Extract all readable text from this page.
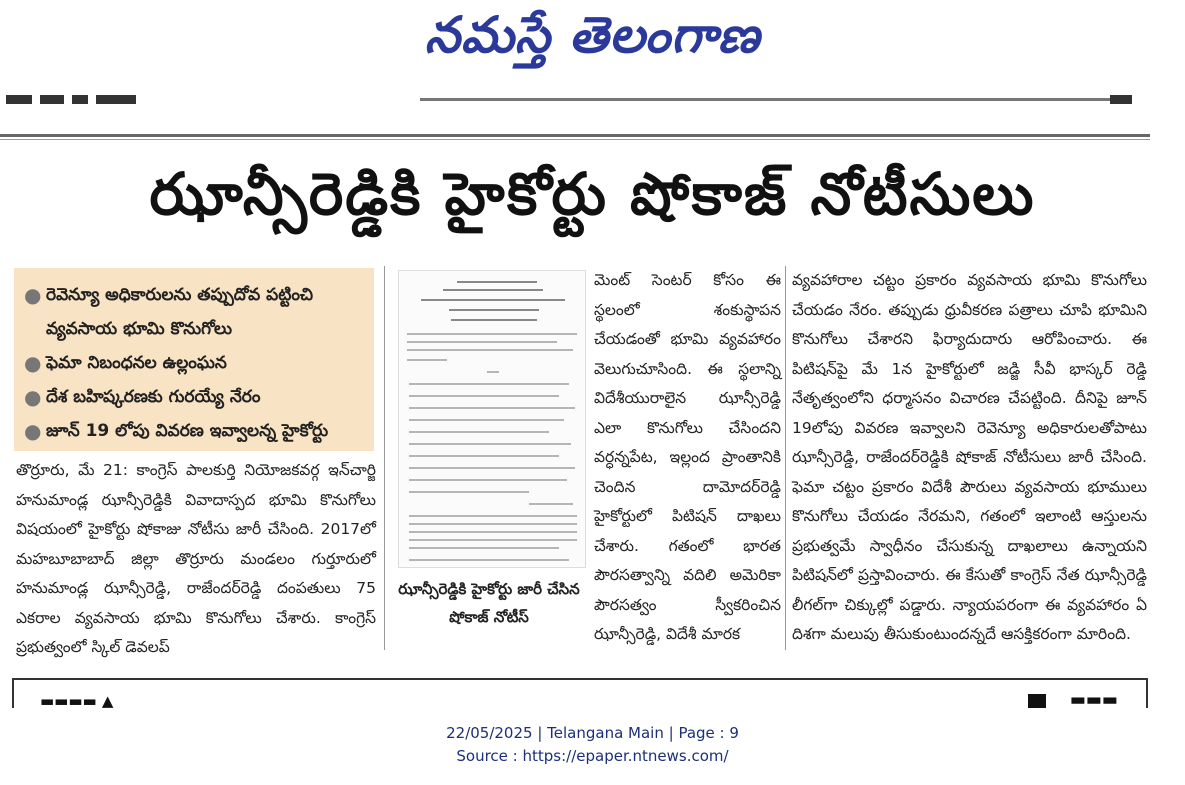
నమస్తే తెలంగాణ
ఝాన్సీరెడ్డికి హైకోర్టు షోకాజ్ నోటీసులు
● రెవెన్యూ అధికారులను తప్పుదోవ పట్టించి వ్యవసాయ భూమి కొనుగోలు
● ఫెమా నిబంధనల ఉల్లంఘన
● దేశ బహిష్కరణకు గురయ్యే నేరం
● జూన్ 19 లోపు వివరణ ఇవ్వాలన్న హైకోర్టు
తొర్రూరు, మే 21: కాంగ్రెస్ పాలకుర్తి నియోజకవర్గ ఇన్‌చార్జి హనుమాండ్ల ఝాన్సీరెడ్డికి వివాదాస్పద భూమి కొనుగోలు విషయంలో హైకోర్టు షోకాజు నోటీసు జారీ చేసింది. 2017లో మహబూబాబాద్ జిల్లా తొర్రూరు మండలం గుర్తూరులో హనుమాండ్ల ఝాన్సీరెడ్డి, రాజేందర్‌రెడ్డి దంపతులు 75 ఎకరాల వ్యవసాయ భూమి కొనుగోలు చేశారు. కాంగ్రెస్ ప్రభుత్వంలో స్కిల్ డెవలప్
ఝాన్సీరెడ్డికి హైకోర్టు జారీ చేసిన షోకాజ్ నోటీస్
మెంట్ సెంటర్ కోసం ఈ స్థలంలో శంకుస్థాపన చేయడంతో భూమి వ్యవహారం వెలుగుచూసింది. ఈ స్థలాన్ని విదేశీయురాలైన ఝాన్సీరెడ్డి ఎలా కొనుగోలు చేసిందని వర్ధన్నపేట, ఇల్లంద ప్రాంతానికి చెందిన దామోదర్‌రెడ్డి హైకోర్టులో పిటిషన్ దాఖలు చేశారు. గతంలో భారత పౌరసత్వాన్ని వదిలి అమెరికా పౌరసత్వం స్వీకరించిన ఝాన్సీరెడ్డి, విదేశీ మారక
వ్యవహారాల చట్టం ప్రకారం వ్యవసాయ భూమి కొనుగోలు చేయడం నేరం. తప్పుడు ధ్రువీకరణ పత్రాలు చూపి భూమిని కొనుగోలు చేశారని ఫిర్యాదుదారు ఆరోపించారు. ఈ పిటిషన్‌పై మే 1న హైకోర్టులో జడ్జి సీవీ భాస్కర్ రెడ్డి నేతృత్వంలోని ధర్మాసనం విచారణ చేపట్టింది. దీనిపై జూన్ 19లోపు వివరణ ఇవ్వాలని రెవెన్యూ అధికారులతోపాటు ఝాన్సీరెడ్డి, రాజేందర్‌రెడ్డికి షోకాజ్ నోటీసులు జారీ చేసింది. ఫెమా చట్టం ప్రకారం విదేశీ పౌరులు వ్యవసాయ భూములు కొనుగోలు చేయడం నేరమని, గతంలో ఇలాంటి ఆస్తులను ప్రభుత్వమే స్వాధీనం చేసుకున్న దాఖలాలు ఉన్నాయని పిటిషన్‌లో ప్రస్తావించారు. ఈ కేసుతో కాంగ్రెస్ నేత ఝాన్సీరెడ్డి లీగల్‌గా చిక్కుల్లో పడ్డారు. న్యాయపరంగా ఈ వ్యవహారం ఏ దిశగా మలుపు తీసుకుంటుందన్నదే ఆసక్తికరంగా మారింది.
▬▬▬▬ ▲	▬▬▬
22/05/2025 | Telangana Main | Page : 9
Source : https://epaper.ntnews.com/
